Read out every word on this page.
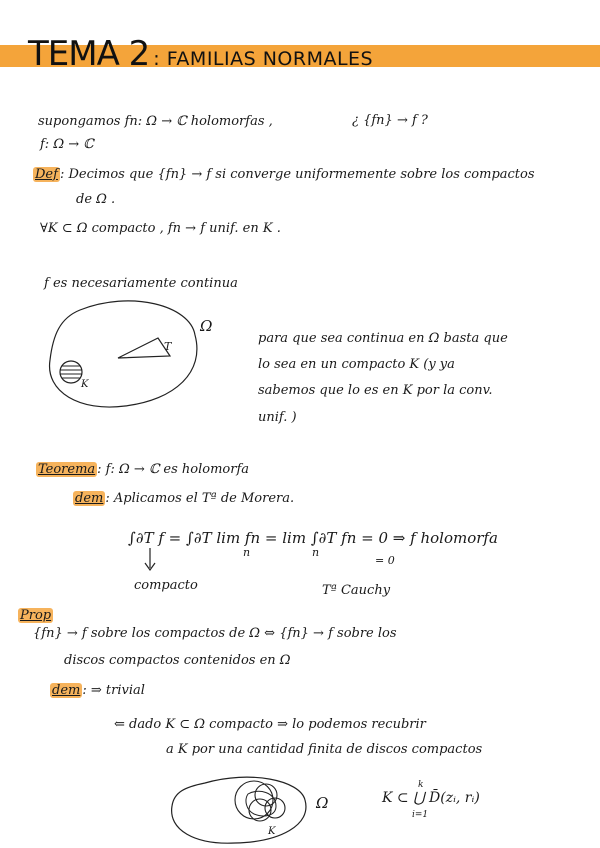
TEMA 2 : FAMILIAS NORMALES
supongamos fn: Ω → ℂ holomorfas ,	¿ {fn} → f ?
f: Ω → ℂ
Def : Decimos que {fn} → f si converge uniformemente sobre los compactos
de Ω .
∀K ⊂ Ω compacto , fn → f unif. en K .
f es necesariamente continua
Ω
T
K
para que sea continua en Ω basta que
lo sea en un compacto K (y ya
sabemos que lo es en K por la conv.
unif. )
Teorema : f: Ω → ℂ es holomorfa
dem : Aplicamos el Tª de Morera.
∫∂T f = ∫∂T lim fn = lim ∫∂T fn = 0 ⇒ f holomorfa
n	n
= 0
compacto	Tª Cauchy
Prop
{fn} → f sobre los compactos de Ω ⇔ {fn} → f sobre los
discos compactos contenidos en Ω
dem : ⇒ trivial
⇐ dado K ⊂ Ω compacto ⇒ lo podemos recubrir
a K por una cantidad finita de discos compactos
Ω
K
K ⊂ ⋃ D̄(zᵢ, rᵢ)
k
i=1
